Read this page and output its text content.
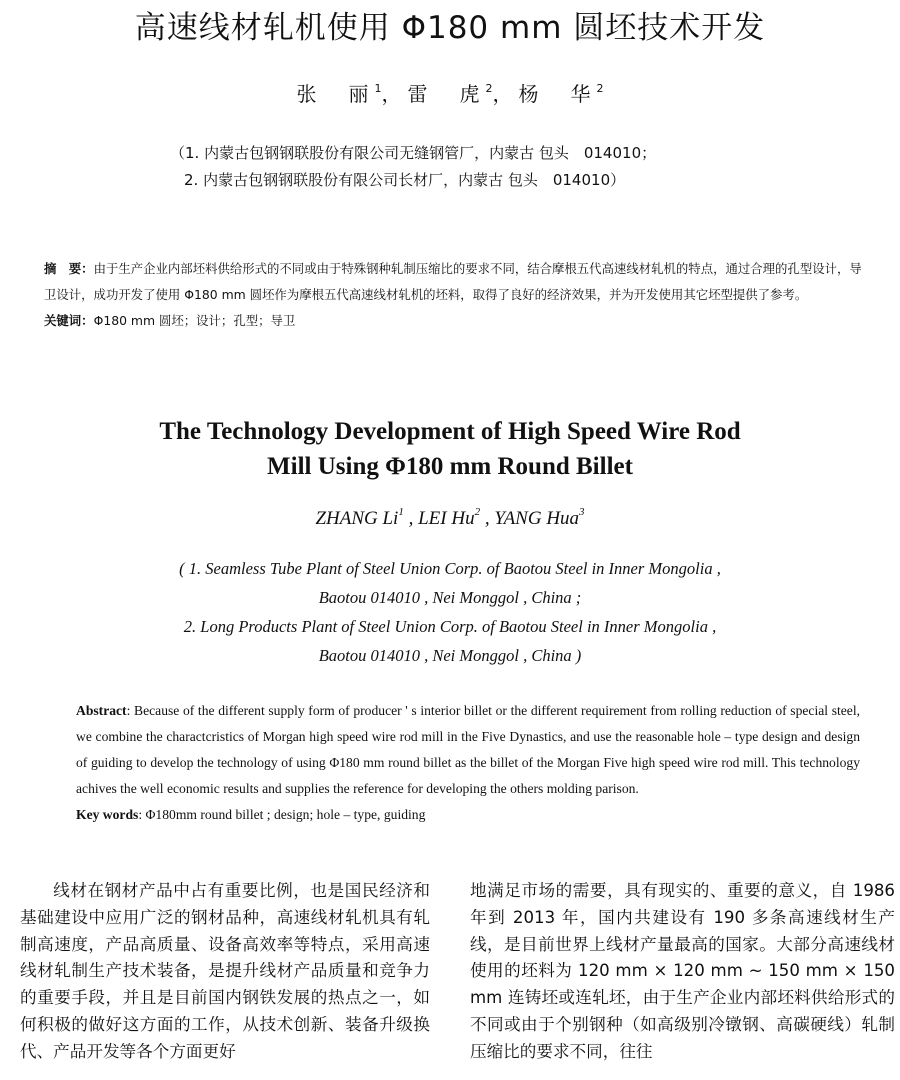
高速线材轧机使用 Φ180 mm 圆坯技术开发
张　丽$^1$，雷　虎$^2$，杨　华$^2$
（1. 内蒙古包钢钢联股份有限公司无缝钢管厂，内蒙古 包头　014010；
2. 内蒙古包钢钢联股份有限公司长材厂，内蒙古 包头　014010）
摘　要：由于生产企业内部坯料供给形式的不同或由于特殊钢种轧制压缩比的要求不同，结合摩根五代高速线材轧机的特点，通过合理的孔型设计，导卫设计，成功开发了使用 Φ180 mm 圆坯作为摩根五代高速线材轧机的坯料，取得了良好的经济效果，并为开发使用其它坯型提供了参考。
关键词：Φ180 mm 圆坯；设计；孔型；导卫
The Technology Development of High Speed Wire Rod
Mill Using Φ180 mm Round Billet
ZHANG Li$^1$ , LEI Hu$^2$ , YANG Hua$^3$
( 1. Seamless Tube Plant of Steel Union Corp. of Baotou Steel in Inner Mongolia ,
Baotou 014010 , Nei Monggol , China ;
2. Long Products Plant of Steel Union Corp. of Baotou Steel in Inner Mongolia ,
Baotou 014010 , Nei Monggol , China )
Abstract: Because of the different supply form of producer ' s interior billet or the different requirement from rolling reduction of special steel, we combine the charactcristics of Morgan high speed wire rod mill in the Five Dynastics, and use the reasonable hole – type design and design of guiding to develop the technology of using Φ180 mm round billet as the billet of the Morgan Five high speed wire rod mill. This technology achives the well economic results and supplies the reference for developing the others molding parison.
Key words: Φ180mm round billet ; design; hole – type, guiding
线材在钢材产品中占有重要比例，也是国民经济和基础建设中应用广泛的钢材品种，高速线材轧机具有轧制高速度，产品高质量、设备高效率等特点，采用高速线材轧制生产技术装备，是提升线材产品质量和竞争力的重要手段，并且是目前国内钢铁发展的热点之一，如何积极的做好这方面的工作，从技术创新、装备升级换代、产品开发等各个方面更好
地满足市场的需要，具有现实的、重要的意义，自 1986 年到 2013 年，国内共建设有 190 多条高速线材生产线，是目前世界上线材产量最高的国家。大部分高速线材使用的坯料为 120 mm × 120 mm ~ 150 mm × 150 mm 连铸坯或连轧坯，由于生产企业内部坯料供给形式的不同或由于个别钢种（如高级别冷镦钢、高碳硬线）轧制压缩比的要求不同，往往
